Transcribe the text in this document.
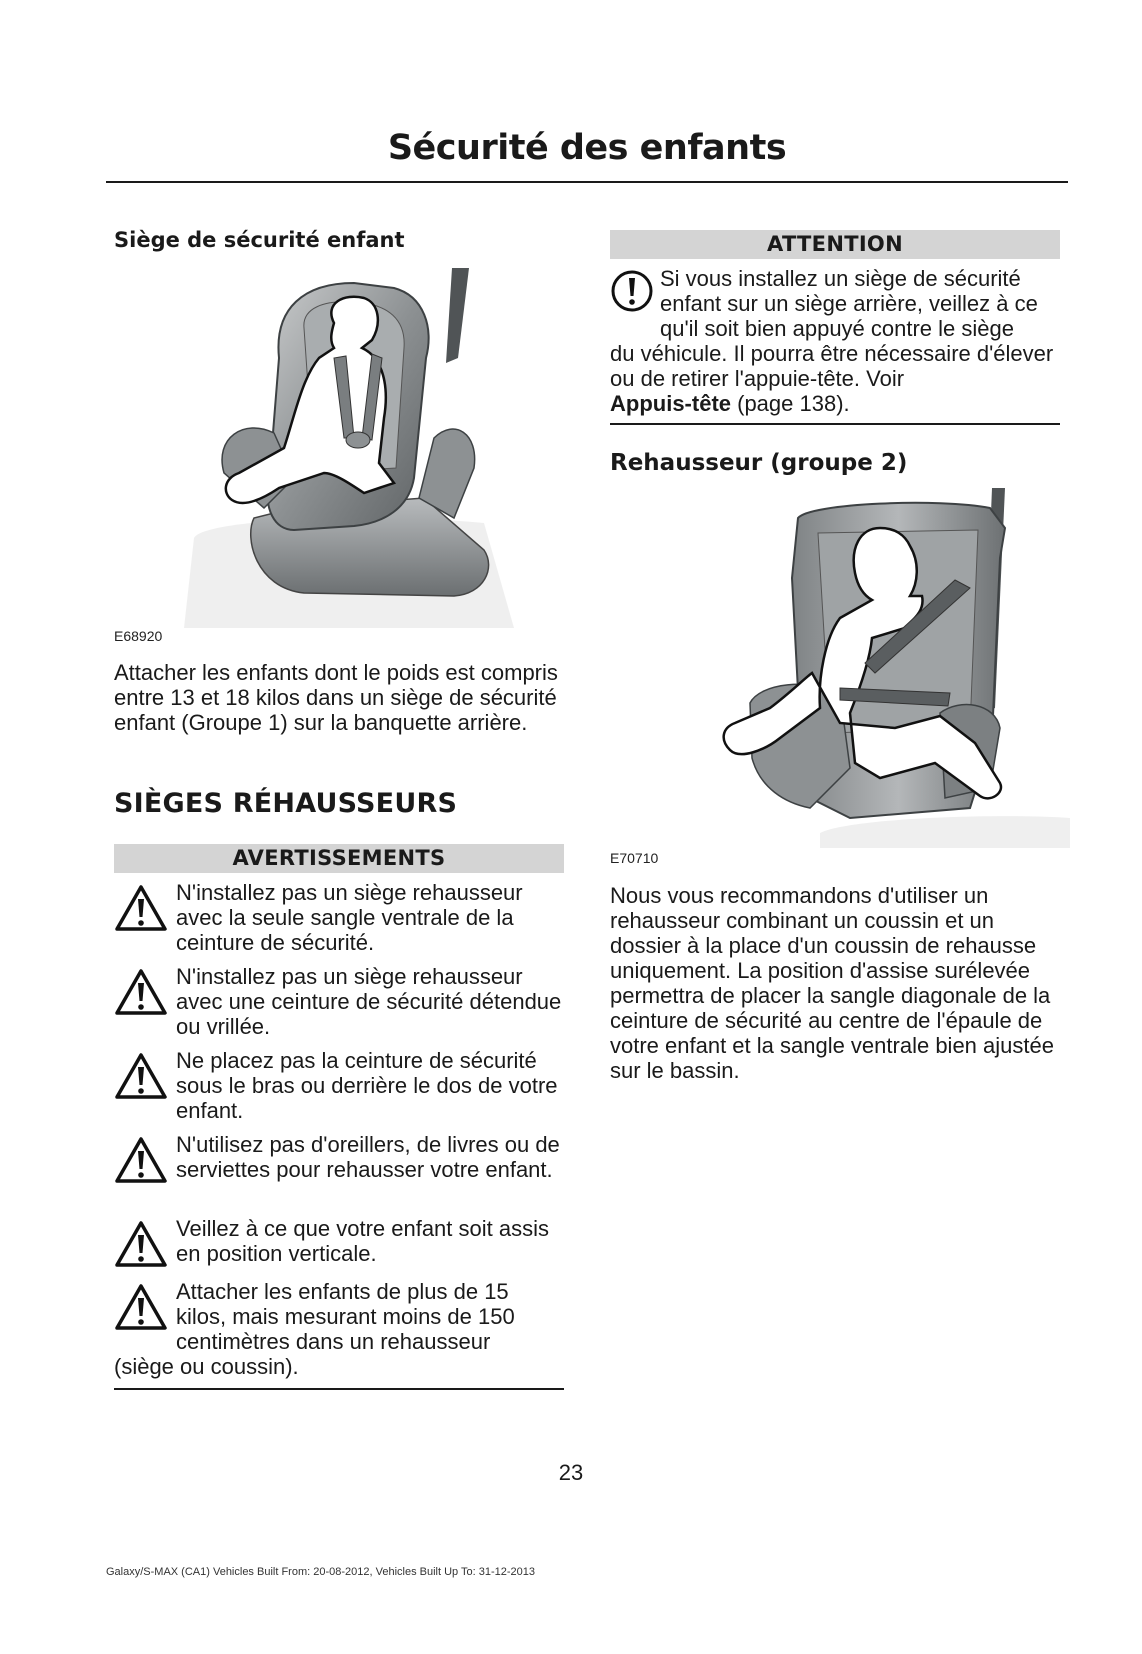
Sécurité des enfants
Siège de sécurité enfant
E68920
Attacher les enfants dont le poids est compris entre 13 et 18 kilos dans un siège de sécurité enfant (Groupe 1) sur la banquette arrière.
SIÈGES RÉHAUSSEURS
AVERTISSEMENTS
N'installez pas un siège rehausseur avec la seule sangle ventrale de la ceinture de sécurité.
N'installez pas un siège rehausseur avec une ceinture de sécurité détendue ou vrillée.
Ne placez pas la ceinture de sécurité sous le bras ou derrière le dos de votre enfant.
N'utilisez pas d'oreillers, de livres ou de serviettes pour rehausser votre enfant.
Veillez à ce que votre enfant soit assis en position verticale.
Attacher les enfants de plus de 15
kilos, mais mesurant moins de 150
centimètres dans un rehausseur
(siège ou coussin).
ATTENTION
Si vous installez un siège de sécurité enfant sur un siège arrière, veillez à ce qu'il soit bien appuyé contre le siège
du véhicule. Il pourra être nécessaire d'élever ou de retirer l'appuie-tête. Voir
Appuis-tête (page 138).
Rehausseur (groupe 2)
E70710
Nous vous recommandons d'utiliser un rehausseur combinant un coussin et un dossier à la place d'un coussin de rehausse uniquement. La position d'assise surélevée permettra de placer la sangle diagonale de la ceinture de sécurité au centre de l'épaule de votre enfant et la sangle ventrale bien ajustée sur le bassin.
23
Galaxy/S-MAX (CA1) Vehicles Built From: 20-08-2012, Vehicles Built Up To: 31-12-2013
